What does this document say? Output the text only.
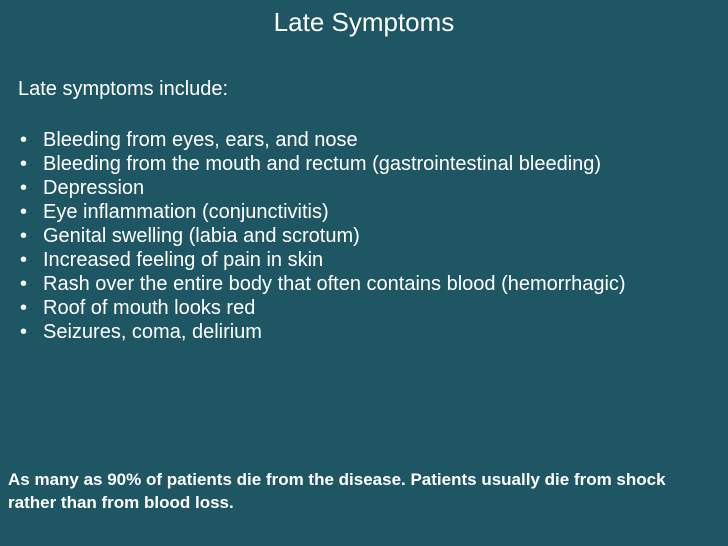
Late Symptoms
Late symptoms include:
• Bleeding from eyes, ears, and nose
• Bleeding from the mouth and rectum (gastrointestinal bleeding)
• Depression
• Eye inflammation (conjunctivitis)
• Genital swelling (labia and scrotum)
• Increased feeling of pain in skin
• Rash over the entire body that often contains blood (hemorrhagic)
• Roof of mouth looks red
• Seizures, coma, delirium
As many as 90% of patients die from the disease. Patients usually die from shock rather than from blood loss.
